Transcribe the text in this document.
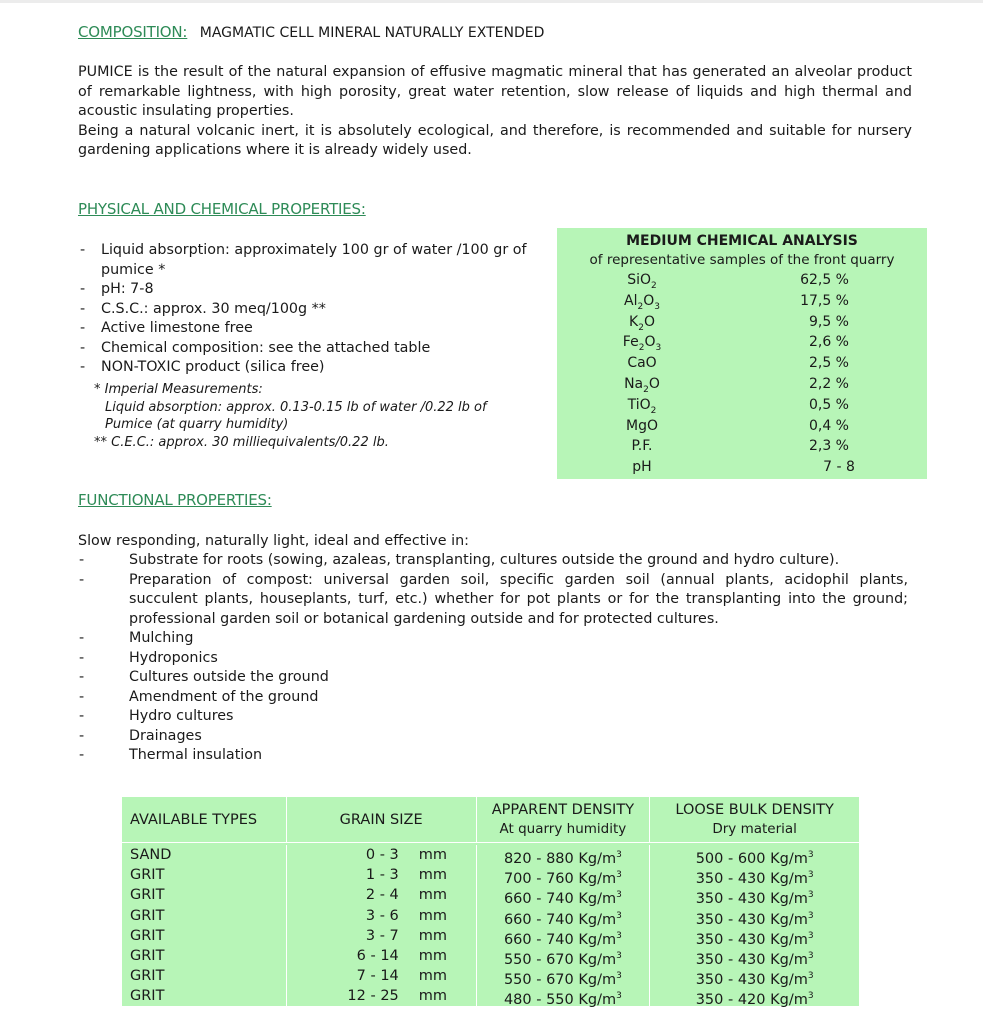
COMPOSITION: MAGMATIC CELL MINERAL NATURALLY EXTENDED

PUMICE is the result of the natural expansion of effusive magmatic mineral that has generated an alveolar product of remarkable lightness, with high porosity, great water retention, slow release of liquids and high thermal and acoustic insulating properties.

Being a natural volcanic inert, it is absolutely ecological, and therefore, is recommended and suitable for nursery gardening applications where it is already widely used.

PHYSICAL AND CHEMICAL PROPERTIES:
- Liquid absorption: approximately 100 gr of water /100 gr of pumice *
- pH: 7-8
- C.S.C.: approx. 30 meq/100g **
- Active limestone free
- Chemical composition: see the attached table
- NON-TOXIC product (silica free)
* Imperial Measurements:
Liquid absorption: approx. 0.13-0.15 lb of water /0.22 lb of
Pumice (at quarry humidity)
** C.E.C.: approx. 30 milliequivalents/0.22 lb.
MEDIUM CHEMICAL ANALYSIS
of representative samples of the front quarry
SiO$_2$	62,5 %
$Al_2O_3$	17,5 %
$K_2O$	9,5 %
$Fe_2O_3$	2,6 %
CaO	2,5 %
$Na_2O$	2,2 %
TiO$_2$	0,5 %
MgO	0,4 %
P.F.	2,3 %
pH	7 - 8
FUNCTIONAL PROPERTIES:
Slow responding, naturally light, ideal and effective in:
- Substrate for roots (sowing, azaleas, transplanting, cultures outside the ground and hydro culture).
- Preparation of compost: universal garden soil, specific garden soil (annual plants, acidophil plants, succulent plants, houseplants, turf, etc.) whether for pot plants or for the transplanting into the ground; professional garden soil or botanical gardening outside and for protected cultures.
- Mulching
- Hydroponics
- Cultures outside the ground
- Amendment of the ground
- Hydro cultures
- Drainages
- Thermal insulation
AVAILABLE TYPES	GRAIN SIZE
APPARENT DENSITY
At quarry humidity
LOOSE BULK DENSITY
Dry material
SAND	0 - 3	mm	820 - 880 $Kg/m^3$	500 - 600 $Kg/m^3$
GRIT	1 - 3	mm	700 - 760 $Kg/m^3$	350 - 430 $Kg/m^3$
GRIT	2 - 4	mm	660 - 740 $Kg/m^3$	350 - 430 $Kg/m^3$
GRIT	3 - 6	mm	660 - 740 $Kg/m^3$	350 - 430 $Kg/m^3$
GRIT	3 - 7	mm	660 - 740 $Kg/m^3$	350 - 430 $Kg/m^3$
GRIT	6 - 14	mm	550 - 670 $Kg/m^3$	350 - 430 $Kg/m^3$
GRIT	7 - 14	mm	550 - 670 $Kg/m^3$	350 - 430 $Kg/m^3$
GRIT	12 - 25	mm	480 - 550 $Kg/m^3$	350 - 420 $Kg/m^3$
